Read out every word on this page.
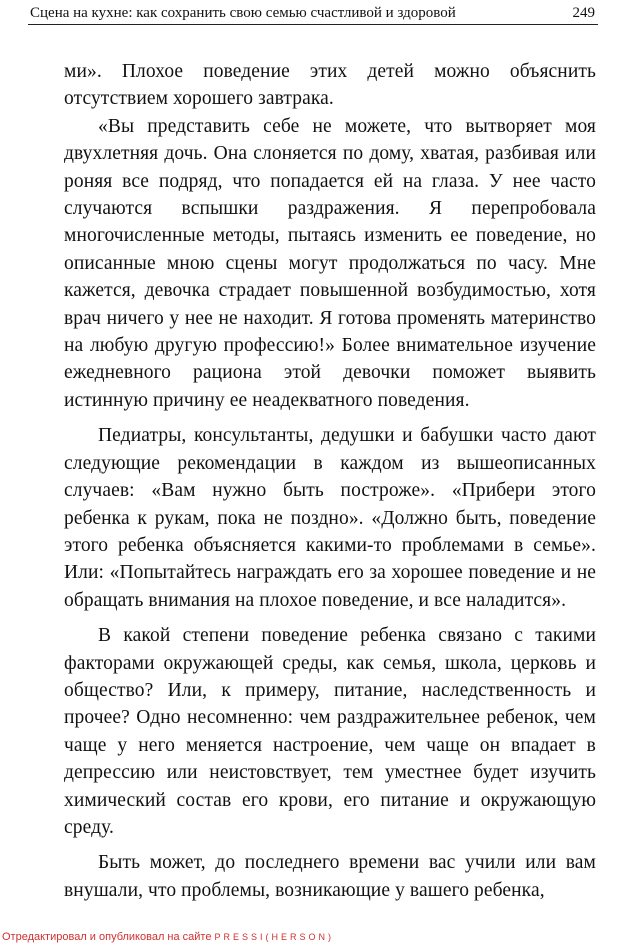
Сцена на кухне: как сохранить свою семью счастливой и здоровой	249

ми». Плохое поведение этих детей можно объяснить отсутствием хорошего завтрака.

«Вы представить себе не можете, что вытворяет моя двухлетняя дочь. Она слоняется по дому, хватая, разбивая или роняя все подряд, что попадается ей на глаза. У нее часто случаются вспышки раздражения. Я перепробовала многочисленные методы, пытаясь изменить ее поведение, но описанные мною сцены могут продолжаться по часу. Мне кажется, девочка страдает повышенной возбудимостью, хотя врач ничего у нее не находит. Я готова променять материнство на любую другую профессию!» Более внимательное изучение ежедневного рациона этой девочки поможет выявить истинную причину ее неадекватного поведения.

Педиатры, консультанты, дедушки и бабушки часто дают следующие рекомендации в каждом из вышеописанных случаев: «Вам нужно быть построже». «Прибери этого ребенка к рукам, пока не поздно». «Должно быть, поведение этого ребенка объясняется какими-то проблемами в семье». Или: «Попытайтесь награждать его за хорошее поведение и не обращать внимания на плохое поведение, и все наладится».

В какой степени поведение ребенка связано с такими факторами окружающей среды, как семья, школа, церковь и общество? Или, к примеру, питание, наследственность и прочее? Одно несомненно: чем раздражительнее ребенок, чем чаще у него меняется настроение, чем чаще он впадает в депрессию или неистовствует, тем уместнее будет изучить химический состав его крови, его питание и окружающую среду.

Быть может, до последнего времени вас учили или вам внушали, что проблемы, возникающие у вашего ребенка,

Отредактировал и опубликовал на сайте PRESSI(HERSON)
